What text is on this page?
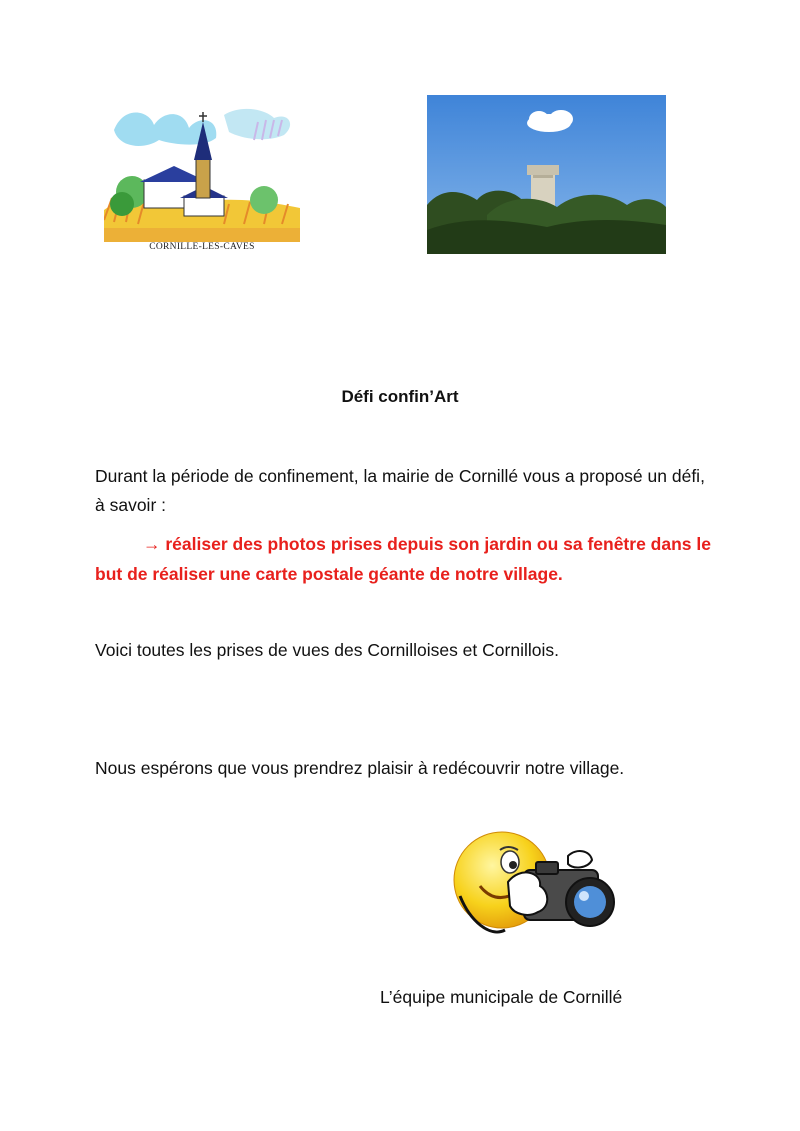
CORNILLE-LES-CAVES
Défi confin’Art
Durant la période de confinement, la mairie de Cornillé vous a proposé un défi, à savoir :
→ réaliser des photos prises depuis son jardin ou sa fenêtre dans le but de réaliser une carte postale géante de notre village.
Voici toutes les prises de vues des Cornilloises et Cornillois.
Nous espérons que vous prendrez plaisir à redécouvrir notre village.
L’équipe municipale de Cornillé
